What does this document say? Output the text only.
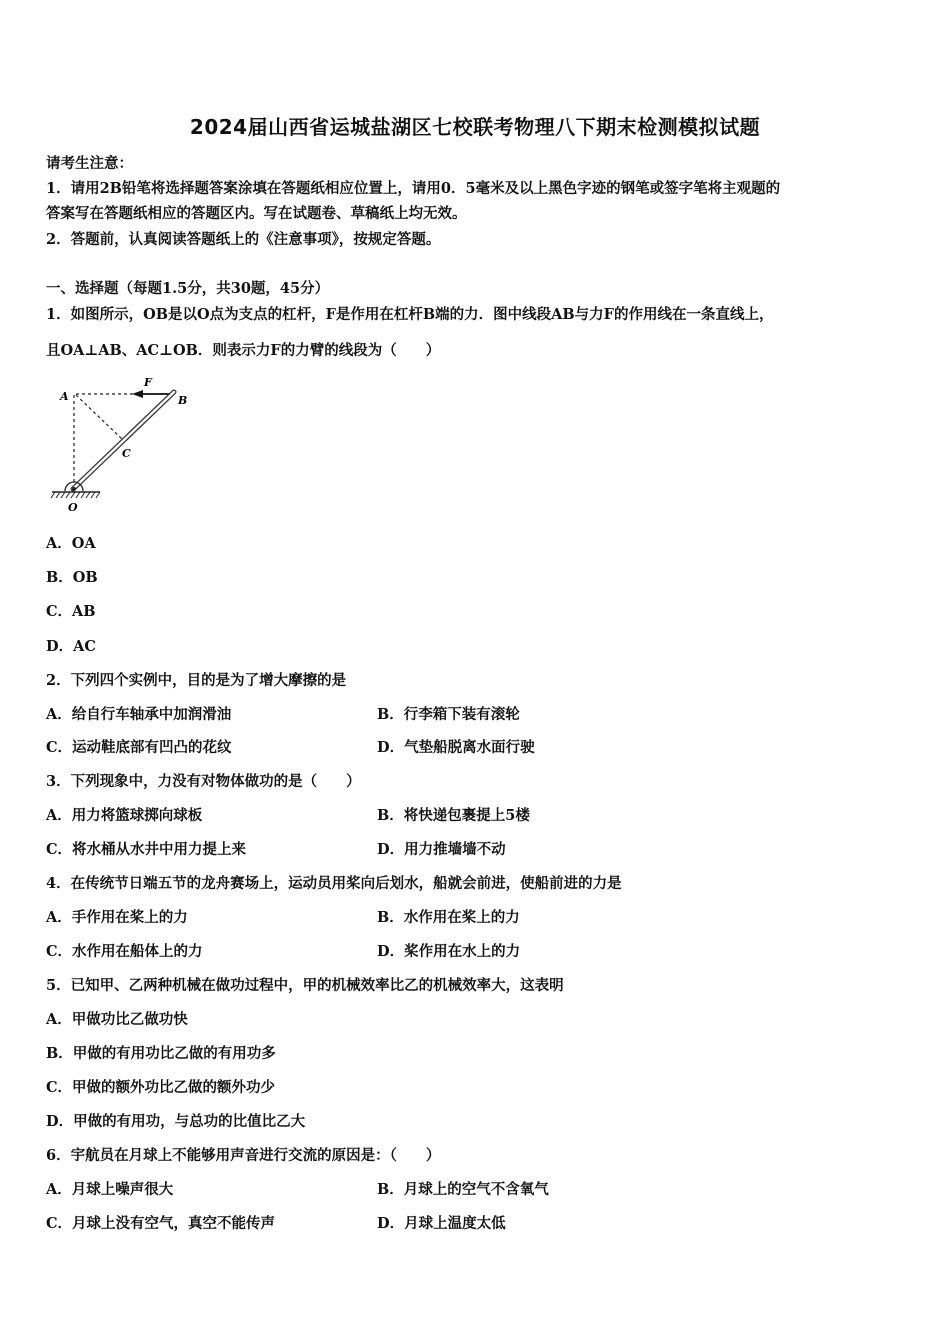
2024届山西省运城盐湖区七校联考物理八下期末检测模拟试题
请考生注意：
1．请用2B铅笔将选择题答案涂填在答题纸相应位置上，请用0．5毫米及以上黑色字迹的钢笔或签字笔将主观题的
答案写在答题纸相应的答题区内。写在试题卷、草稿纸上均无效。
2．答题前，认真阅读答题纸上的《注意事项》，按规定答题。
一、选择题（每题1.5分，共30题，45分）
1．如图所示，OB是以O点为支点的杠杆，F是作用在杠杆B端的力．图中线段AB与力F的作用线在一条直线上，
且OA⊥AB、AC⊥OB．则表示力F的力臂的线段为（　　）
A	B
C
O
F
A．OA
B．OB
C．AB
D．AC
2．下列四个实例中，目的是为了增大摩擦的是
A．给自行车轴承中加润滑油	B．行李箱下装有滚轮
C．运动鞋底部有凹凸的花纹	D．气垫船脱离水面行驶
3．下列现象中，力没有对物体做功的是（　　）
A．用力将篮球掷向球板	B．将快递包裹提上5楼
C．将水桶从水井中用力提上来	D．用力推墙墙不动
4．在传统节日端五节的龙舟赛场上，运动员用桨向后划水，船就会前进，使船前进的力是
A．手作用在桨上的力	B．水作用在桨上的力
C．水作用在船体上的力	D．桨作用在水上的力
5．已知甲、乙两种机械在做功过程中，甲的机械效率比乙的机械效率大，这表明
A．甲做功比乙做功快
B．甲做的有用功比乙做的有用功多
C．甲做的额外功比乙做的额外功少
D．甲做的有用功，与总功的比值比乙大
6．宇航员在月球上不能够用声音进行交流的原因是：（　　）
A．月球上噪声很大	B．月球上的空气不含氧气
C．月球上没有空气，真空不能传声	D．月球上温度太低
